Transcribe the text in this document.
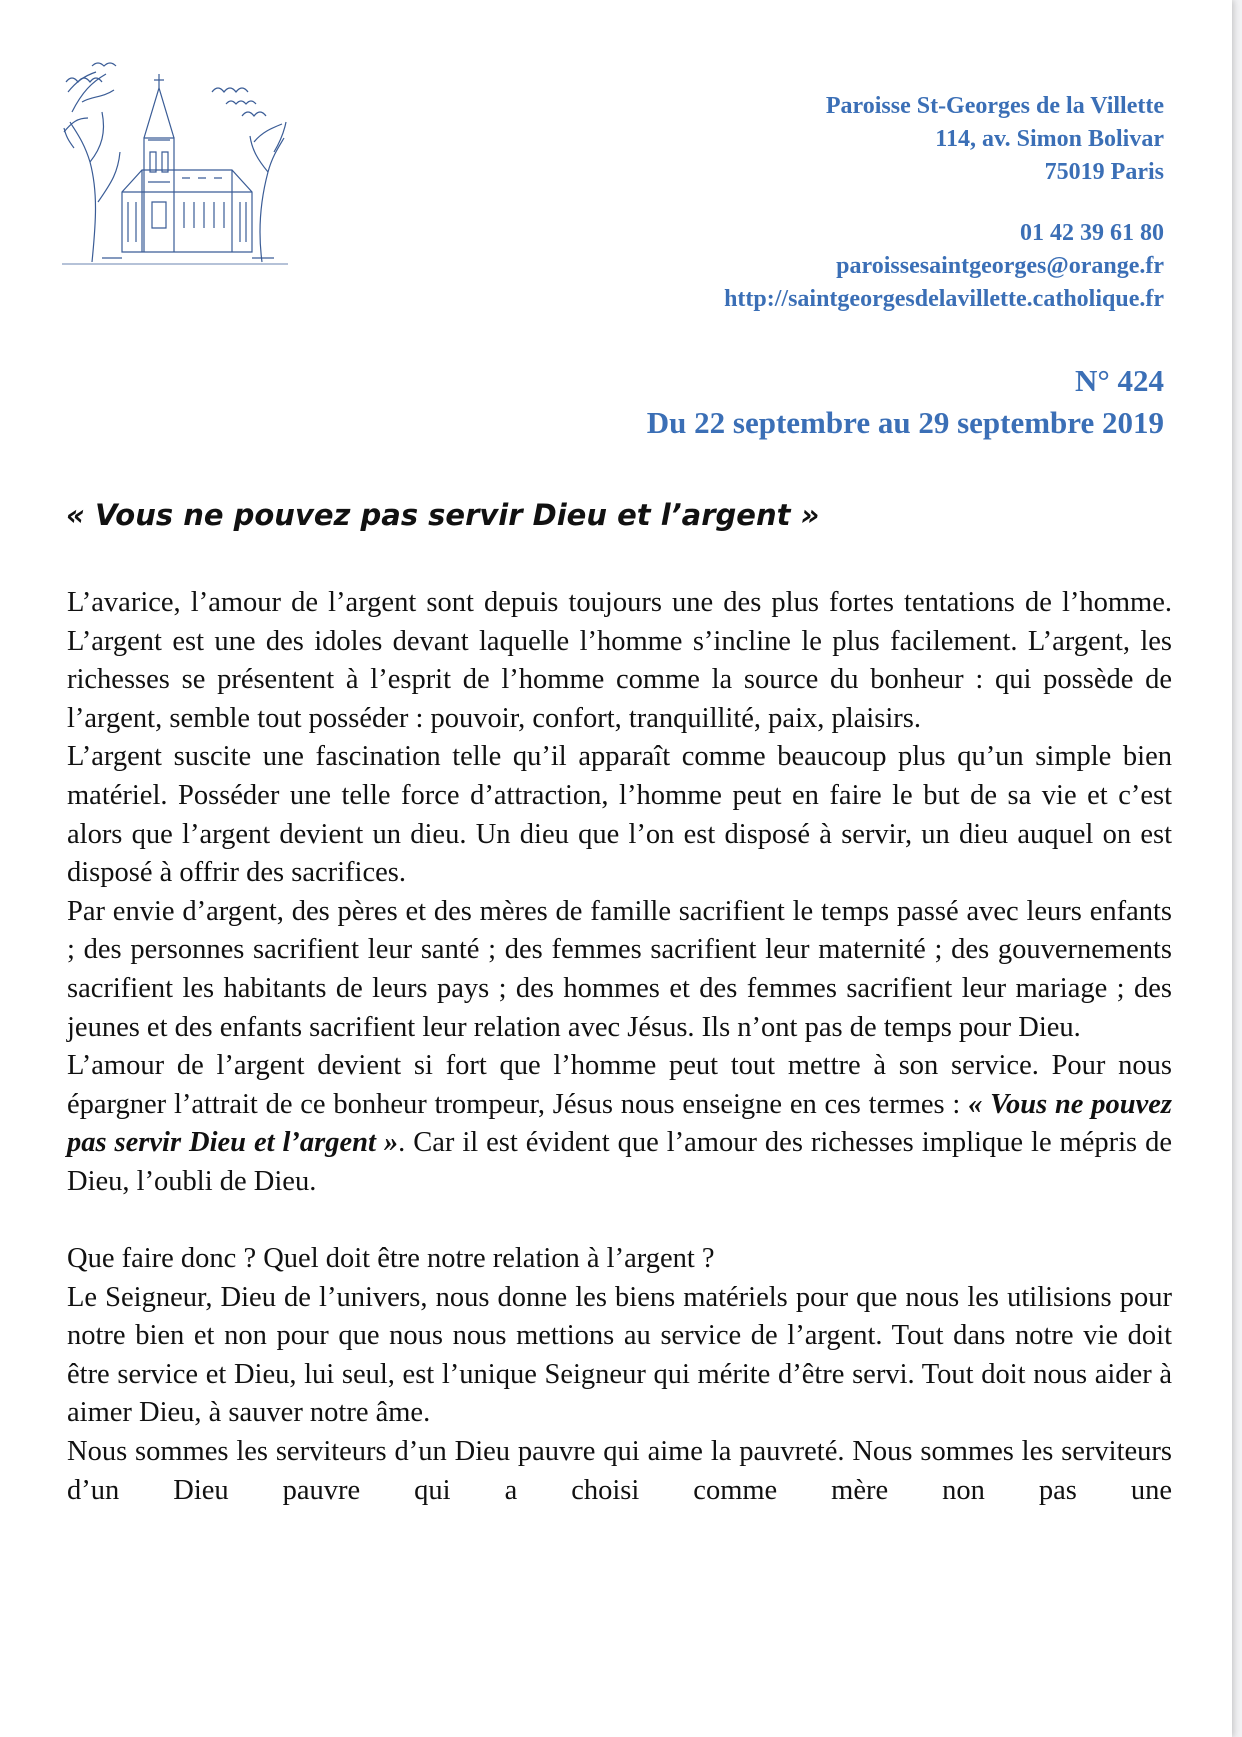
Paroisse St-Georges de la Villette
114, av. Simon Bolivar
75019 Paris
01 42 39 61 80
paroissesaintgeorges@orange.fr
http://saintgeorgesdelavillette.catholique.fr
N° 424
Du 22 septembre au 29 septembre 2019
« Vous ne pouvez pas servir Dieu et l’argent »

L’avarice, l’amour de l’argent sont depuis toujours une des plus fortes tentations de l’homme. L’argent est une des idoles devant laquelle l’homme s’incline le plus facilement. L’argent, les richesses se présentent à l’esprit de l’homme comme la source du bonheur : qui possède de l’argent, semble tout posséder : pouvoir, confort, tranquillité, paix, plaisirs.

L’argent suscite une fascination telle qu’il apparaît comme beaucoup plus qu’un simple bien matériel. Posséder une telle force d’attraction, l’homme peut en faire le but de sa vie et c’est alors que l’argent devient un dieu. Un dieu que l’on est disposé à servir, un dieu auquel on est disposé à offrir des sacrifices.

Par envie d’argent, des pères et des mères de famille sacrifient le temps passé avec leurs enfants ; des personnes sacrifient leur santé ; des femmes sacrifient leur maternité ; des gouvernements sacrifient les habitants de leurs pays ; des hommes et des femmes sacrifient leur mariage ; des jeunes et des enfants sacrifient leur relation avec Jésus. Ils n’ont pas de temps pour Dieu.

L’amour de l’argent devient si fort que l’homme peut tout mettre à son service. Pour nous épargner l’attrait de ce bonheur trompeur, Jésus nous enseigne en ces termes : « Vous ne pouvez pas servir Dieu et l’argent ». Car il est évident que l’amour des richesses implique le mépris de Dieu, l’oubli de Dieu.

Que faire donc ? Quel doit être notre relation à l’argent ?

Le Seigneur, Dieu de l’univers, nous donne les biens matériels pour que nous les utilisions pour notre bien et non pour que nous nous mettions au service de l’argent. Tout dans notre vie doit être service et Dieu, lui seul, est l’unique Seigneur qui mérite d’être servi. Tout doit nous aider à aimer Dieu, à sauver notre âme.

Nous sommes les serviteurs d’un Dieu pauvre qui aime la pauvreté. Nous sommes les serviteurs d’un Dieu pauvre qui a choisi comme mère non pas une
